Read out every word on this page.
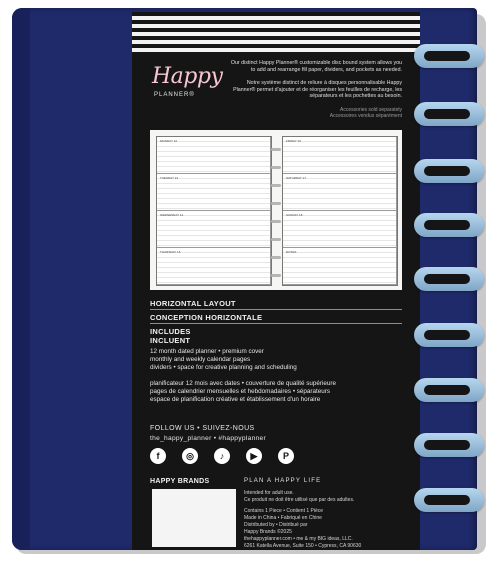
Happy
PLANNER®
Our distinct Happy Planner® customizable disc bound system allows you to add and rearrange fill paper, dividers, and pockets as needed.
Notre système distinct de reliure à disques personnalisable Happy Planner® permet d'ajouter et de réorganiser les feuilles de recharge, les séparateurs et les pochettes au besoin.
Accessories sold separately
Accessoires vendus séparément
MONDAY 12
TUESDAY 13
WEDNESDAY 14
THURSDAY 15
FRIDAY 16
SATURDAY 17
SUNDAY 18
NOTES
HORIZONTAL LAYOUT
CONCEPTION HORIZONTALE
INCLUDES
INCLUENT
12 month dated planner • premium cover
monthly and weekly calendar pages
dividers • space for creative planning and scheduling
planificateur 12 mois avec dates • couverture de qualité supérieure
pages de calendrier mensuelles et hebdomadaires • séparateurs
espace de planification créative et établissement d'un horaire
FOLLOW US • SUIVEZ-NOUS
the_happy_planner • #happyplanner
f	◎	♪	▶	P
HAPPY BRANDS	PLAN A HAPPY LIFE
Intended for adult use.
Ce produit ne doit être utilisé que par des adultes.
Contains 1 Piece • Contient 1 Pièce
Made in China • Fabriqué en Chine
Distributed by • Distribué par
Happy Brands ©2025
thehappyplanner.com • me & my BIG ideas, LLC.
6261 Katella Avenue, Suite 150 • Cypress, CA 90630
